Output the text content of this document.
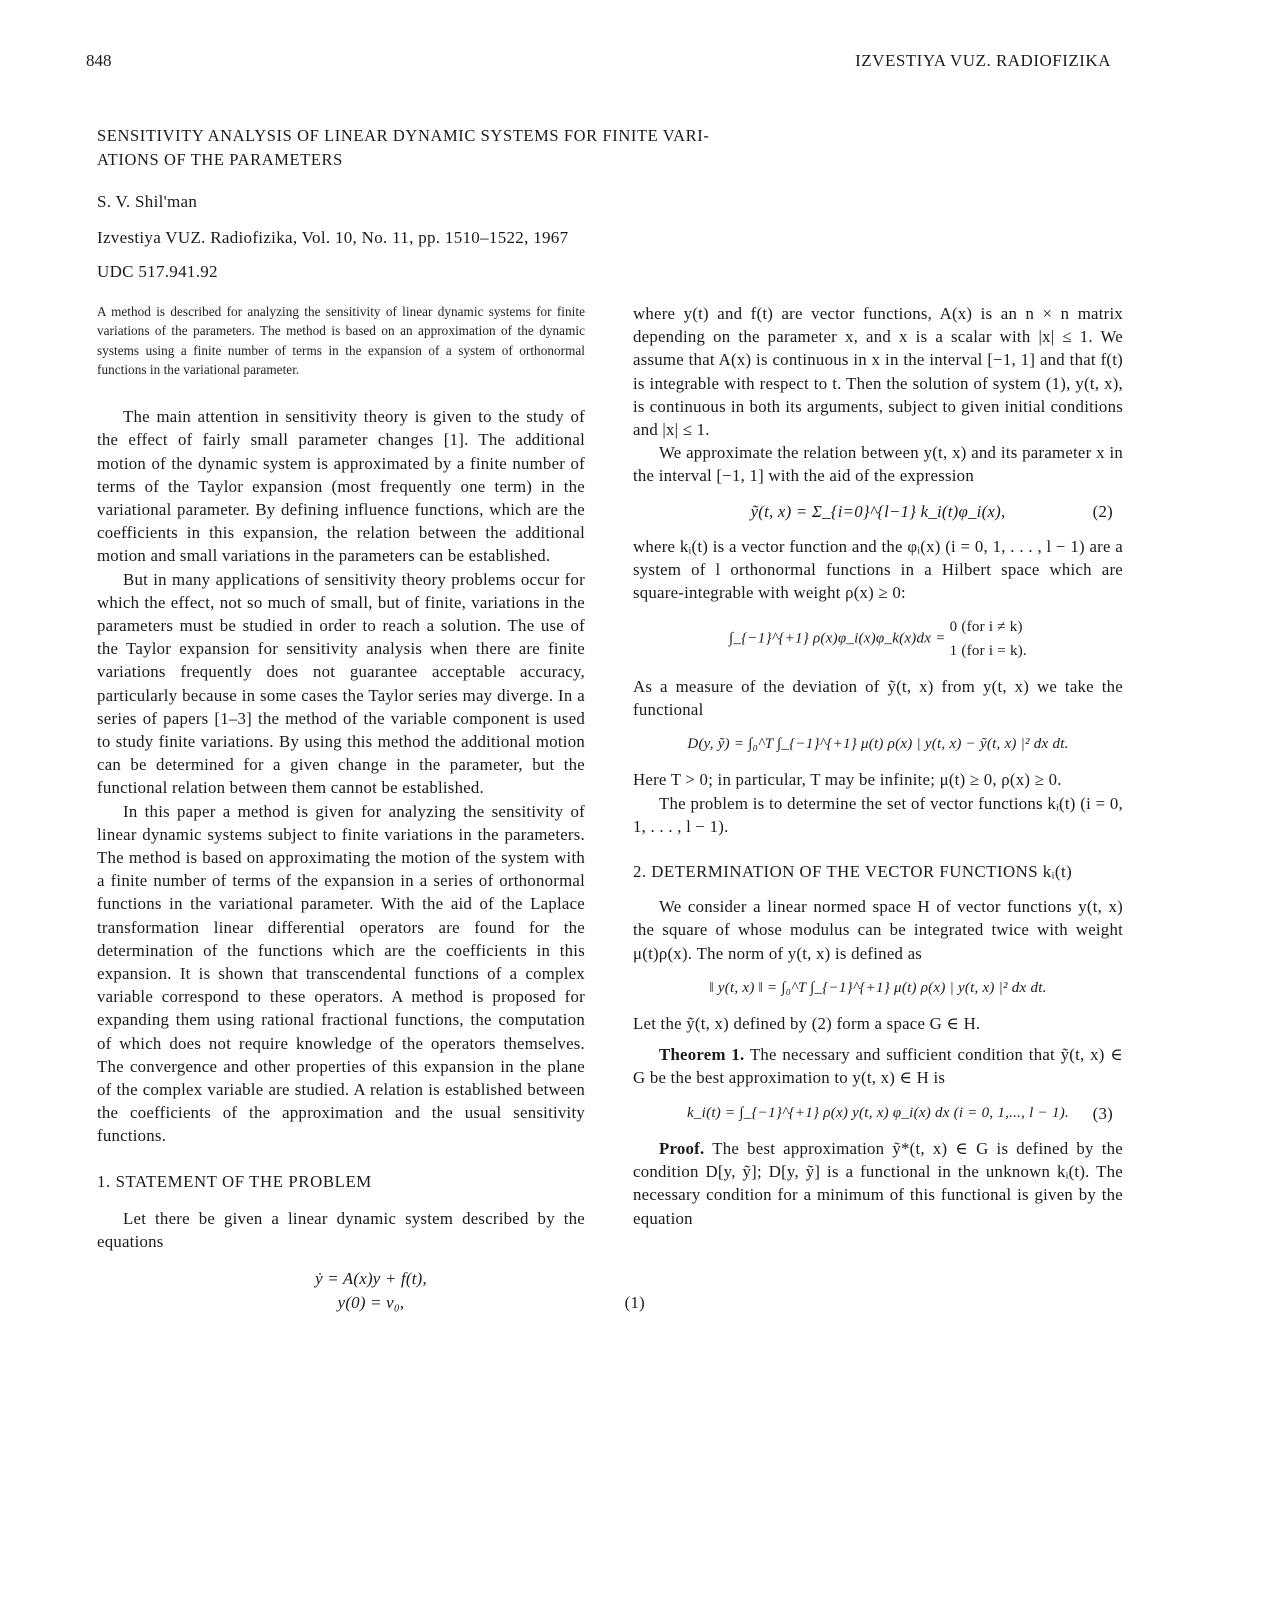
848	IZVESTIYA VUZ. RADIOFIZIKA
SENSITIVITY ANALYSIS OF LINEAR DYNAMIC SYSTEMS FOR FINITE VARI-
ATIONS OF THE PARAMETERS
S. V. Shil'man
Izvestiya VUZ. Radiofizika, Vol. 10, No. 11, pp. 1510–1522, 1967
UDC 517.941.92

A method is described for analyzing the sensitivity of linear dynamic systems for finite variations of the parameters. The method is based on an approximation of the dynamic systems using a finite number of terms in the expansion of a system of orthonormal functions in the variational parameter.

The main attention in sensitivity theory is given to the study of the effect of fairly small parameter changes [1]. The additional motion of the dynamic system is approximated by a finite number of terms of the Taylor expansion (most frequently one term) in the variational parameter. By defining influence functions, which are the coefficients in this expansion, the relation between the additional motion and small variations in the parameters can be established.

But in many applications of sensitivity theory problems occur for which the effect, not so much of small, but of finite, variations in the parameters must be studied in order to reach a solution. The use of the Taylor expansion for sensitivity analysis when there are finite variations frequently does not guarantee acceptable accuracy, particularly because in some cases the Taylor series may diverge. In a series of papers [1–3] the method of the variable component is used to study finite variations. By using this method the additional motion can be determined for a given change in the parameter, but the functional relation between them cannot be established.

In this paper a method is given for analyzing the sensitivity of linear dynamic systems subject to finite variations in the parameters. The method is based on approximating the motion of the system with a finite number of terms of the expansion in a series of orthonormal functions in the variational parameter. With the aid of the Laplace transformation linear differential operators are found for the determination of the functions which are the coefficients in this expansion. It is shown that transcendental functions of a complex variable correspond to these operators. A method is proposed for expanding them using rational fractional functions, the computation of which does not require knowledge of the operators themselves. The convergence and other properties of this expansion in the plane of the complex variable are studied. A relation is established between the coefficients of the approximation and the usual sensitivity functions.

1. STATEMENT OF THE PROBLEM

Let there be given a linear dynamic system described by the equations

ẏ = A(x)y + f(t),
y(0) = v₀,	(1)

where y(t) and f(t) are vector functions, A(x) is an n × n matrix depending on the parameter x, and x is a scalar with |x| ≤ 1. We assume that A(x) is continuous in x in the interval [−1, 1] and that f(t) is integrable with respect to t. Then the solution of system (1), y(t, x), is continuous in both its arguments, subject to given initial conditions and |x| ≤ 1.

We approximate the relation between y(t, x) and its parameter x in the interval [−1, 1] with the aid of the expression

ỹ(t, x) = Σ_{i=0}^{l−1} k_i(t)φ_i(x),	(2)

where kᵢ(t) is a vector function and the φᵢ(x) (i = 0, 1, . . . , l − 1) are a system of l orthonormal functions in a Hilbert space which are square-integrable with weight ρ(x) ≥ 0:

∫_{−1}^{+1} ρ(x)φ_i(x)φ_k(x)dx =
0 (for i ≠ k)
1 (for i = k).

As a measure of the deviation of ỹ(t, x) from y(t, x) we take the functional

D(y, ỹ) = ∫₀^T ∫_{−1}^{+1} μ(t) ρ(x) | y(t, x) − ỹ(t, x) |² dx dt.

Here T > 0; in particular, T may be infinite; μ(t) ≥ 0, ρ(x) ≥ 0.

The problem is to determine the set of vector functions kᵢ(t) (i = 0, 1, . . . , l − 1).

2. DETERMINATION OF THE VECTOR FUNCTIONS kᵢ(t)

We consider a linear normed space H of vector functions y(t, x) the square of whose modulus can be integrated twice with weight μ(t)ρ(x). The norm of y(t, x) is defined as

‖ y(t, x) ‖ = ∫₀^T ∫_{−1}^{+1} μ(t) ρ(x) | y(t, x) |² dx dt.

Let the ỹ(t, x) defined by (2) form a space G ∈ H.

Theorem 1. The necessary and sufficient condition that ỹ(t, x) ∈ G be the best approximation to y(t, x) ∈ H is

k_i(t) = ∫_{−1}^{+1} ρ(x) y(t, x) φ_i(x) dx (i = 0, 1,..., l − 1). (3)

Proof. The best approximation ỹ*(t, x) ∈ G is defined by the condition D[y, ỹ]; D[y, ỹ] is a functional in the unknown kᵢ(t). The necessary condition for a minimum of this functional is given by the equation
